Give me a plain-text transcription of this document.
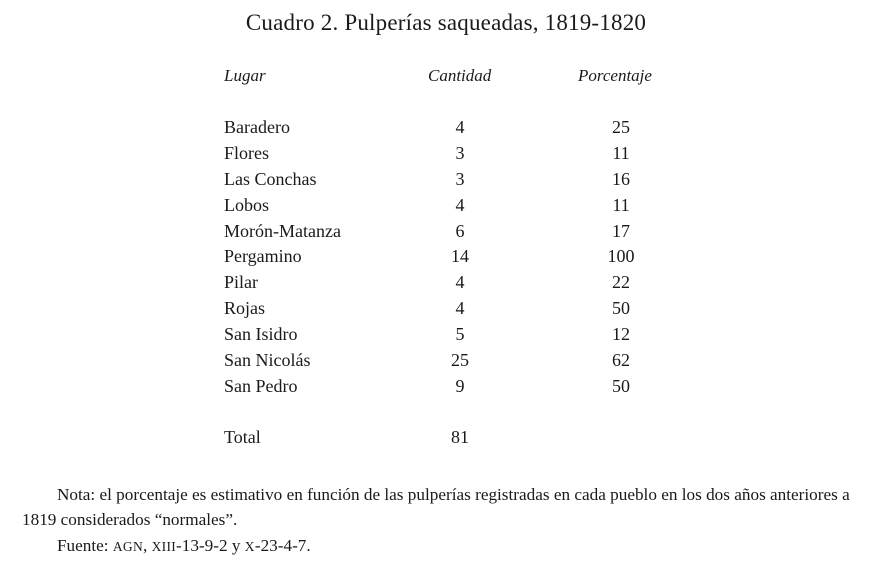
Cuadro 2. Pulperías saqueadas, 1819-1820
Lugar	Cantidad	Porcentaje
Baradero	4	25
Flores	3	11
Las Conchas	3	16
Lobos	4	11
Morón-Matanza	6	17
Pergamino	14	100
Pilar	4	22
Rojas	4	50
San Isidro	5	12
San Nicolás	25	62
San Pedro	9	50
Total	81

Nota: el porcentaje es estimativo en función de las pulperías registradas en cada pueblo en los dos años anteriores a 1819 considerados “normales”.

Fuente: AGN, XIII-13-9-2 y X-23-4-7.
